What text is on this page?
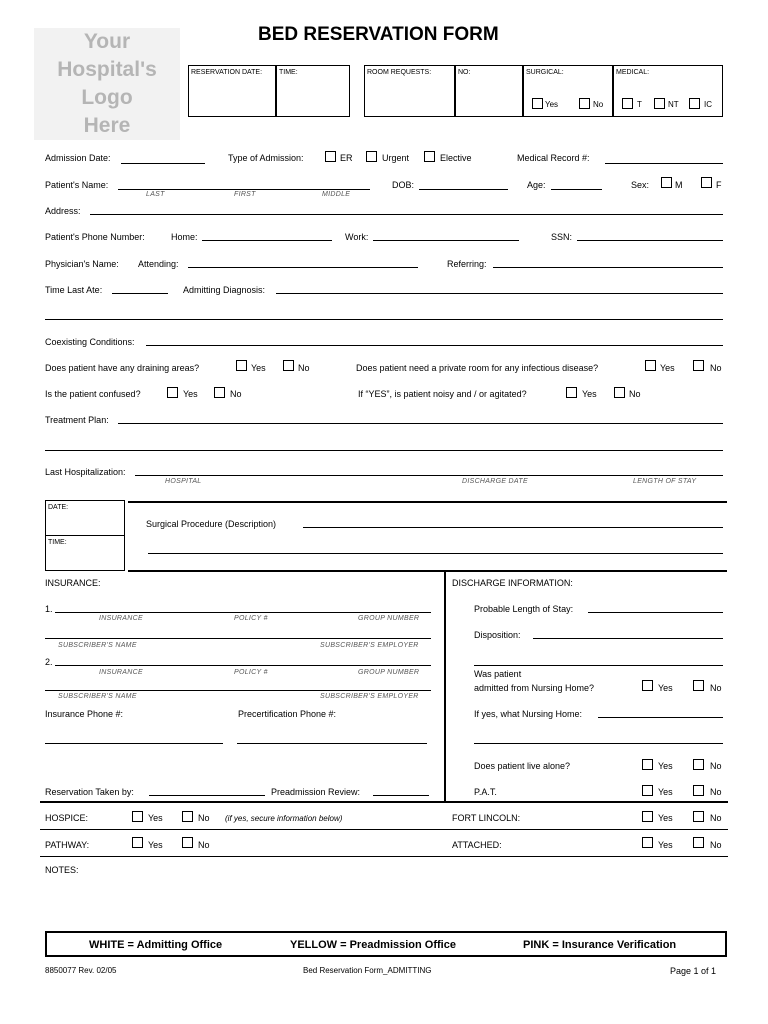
Your
Hospital's
Logo
Here
BED RESERVATION FORM
RESERVATION DATE: TIME:	ROOM REQUESTS:	NO:	SURGICAL:	MEDICAL:
Yes	No	T	NT	IC
Admission Date:	Type of Admission:	ER	Urgent	Elective	Medical Record #:
Patient's Name:
LAST	FIRST	MIDDLE
DOB:	Age:	Sex:	M	F
Address:
Patient's Phone Number:	Home:	Work:	SSN:
Physician's Name: Attending:	Referring:
Time Last Ate:	Admitting Diagnosis:
Coexisting Conditions:
Does patient have any draining areas?	Yes	No	Does patient need a private room for any infectious disease?	Yes	No
Is the patient confused?	Yes	No	If “YES”, is patient noisy and / or agitated?	Yes	No
Treatment Plan:
Last Hospitalization:
HOSPITAL	DISCHARGE DATE	LENGTH OF STAY
DATE:
TIME:
Surgical Procedure (Description)
INSURANCE:
1.
INSURANCE	POLICY #	GROUP NUMBER
SUBSCRIBER'S NAME	SUBSCRIBER'S EMPLOYER
2.
INSURANCE	POLICY #	GROUP NUMBER
SUBSCRIBER'S NAME	SUBSCRIBER'S EMPLOYER
Insurance Phone #:	Precertification Phone #:
Reservation Taken by:	Preadmission Review:
DISCHARGE INFORMATION:
Probable Length of Stay:
Disposition:
Was patient
admitted from Nursing Home?	Yes	No
If yes, what Nursing Home:
Does patient live alone?	Yes	No
P.A.T.	Yes	No
HOSPICE:	Yes	No (if yes, secure information below)	FORT LINCOLN:	Yes	No
PATHWAY:	Yes	No	ATTACHED:	Yes	No
NOTES:
WHITE = Admitting Office	YELLOW = Preadmission Office	PINK = Insurance Verification
8850077 Rev. 02/05	Bed Reservation Form_ADMITTING	Page 1 of 1
